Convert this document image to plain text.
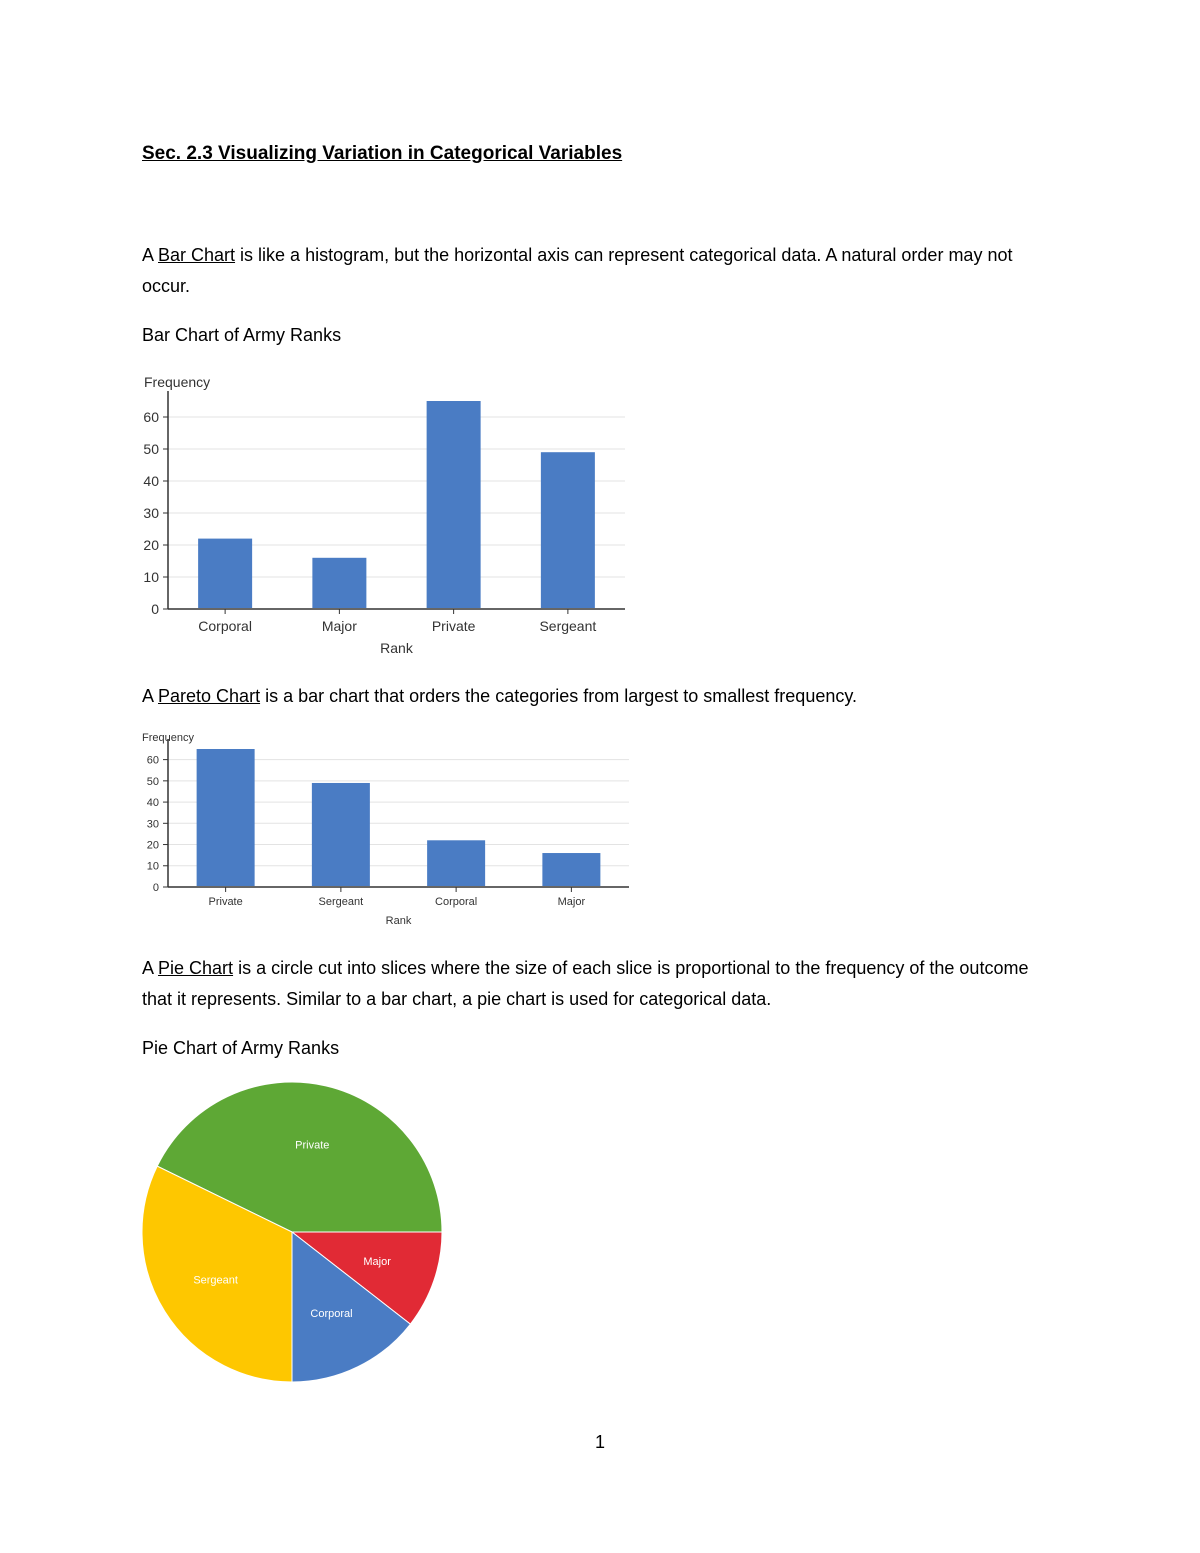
Sec. 2.3 Visualizing Variation in Categorical Variables

A Bar Chart is like a histogram, but the horizontal axis can represent categorical data. A natural order may not occur.

Bar Chart of Army Ranks

Frequency
0
10
20
30
40
50
60
Corporal	Major	Private	Sergeant
Rank

A Pareto Chart is a bar chart that orders the categories from largest to smallest frequency.

Frequency
0
10
20
30
40
50
60
Private	Sergeant	Corporal	Major
Rank

A Pie Chart is a circle cut into slices where the size of each slice is proportional to the frequency of the outcome that it represents. Similar to a bar chart, a pie chart is used for categorical data.

Pie Chart of Army Ranks

Private
Major
Corporal
Sergeant
1
